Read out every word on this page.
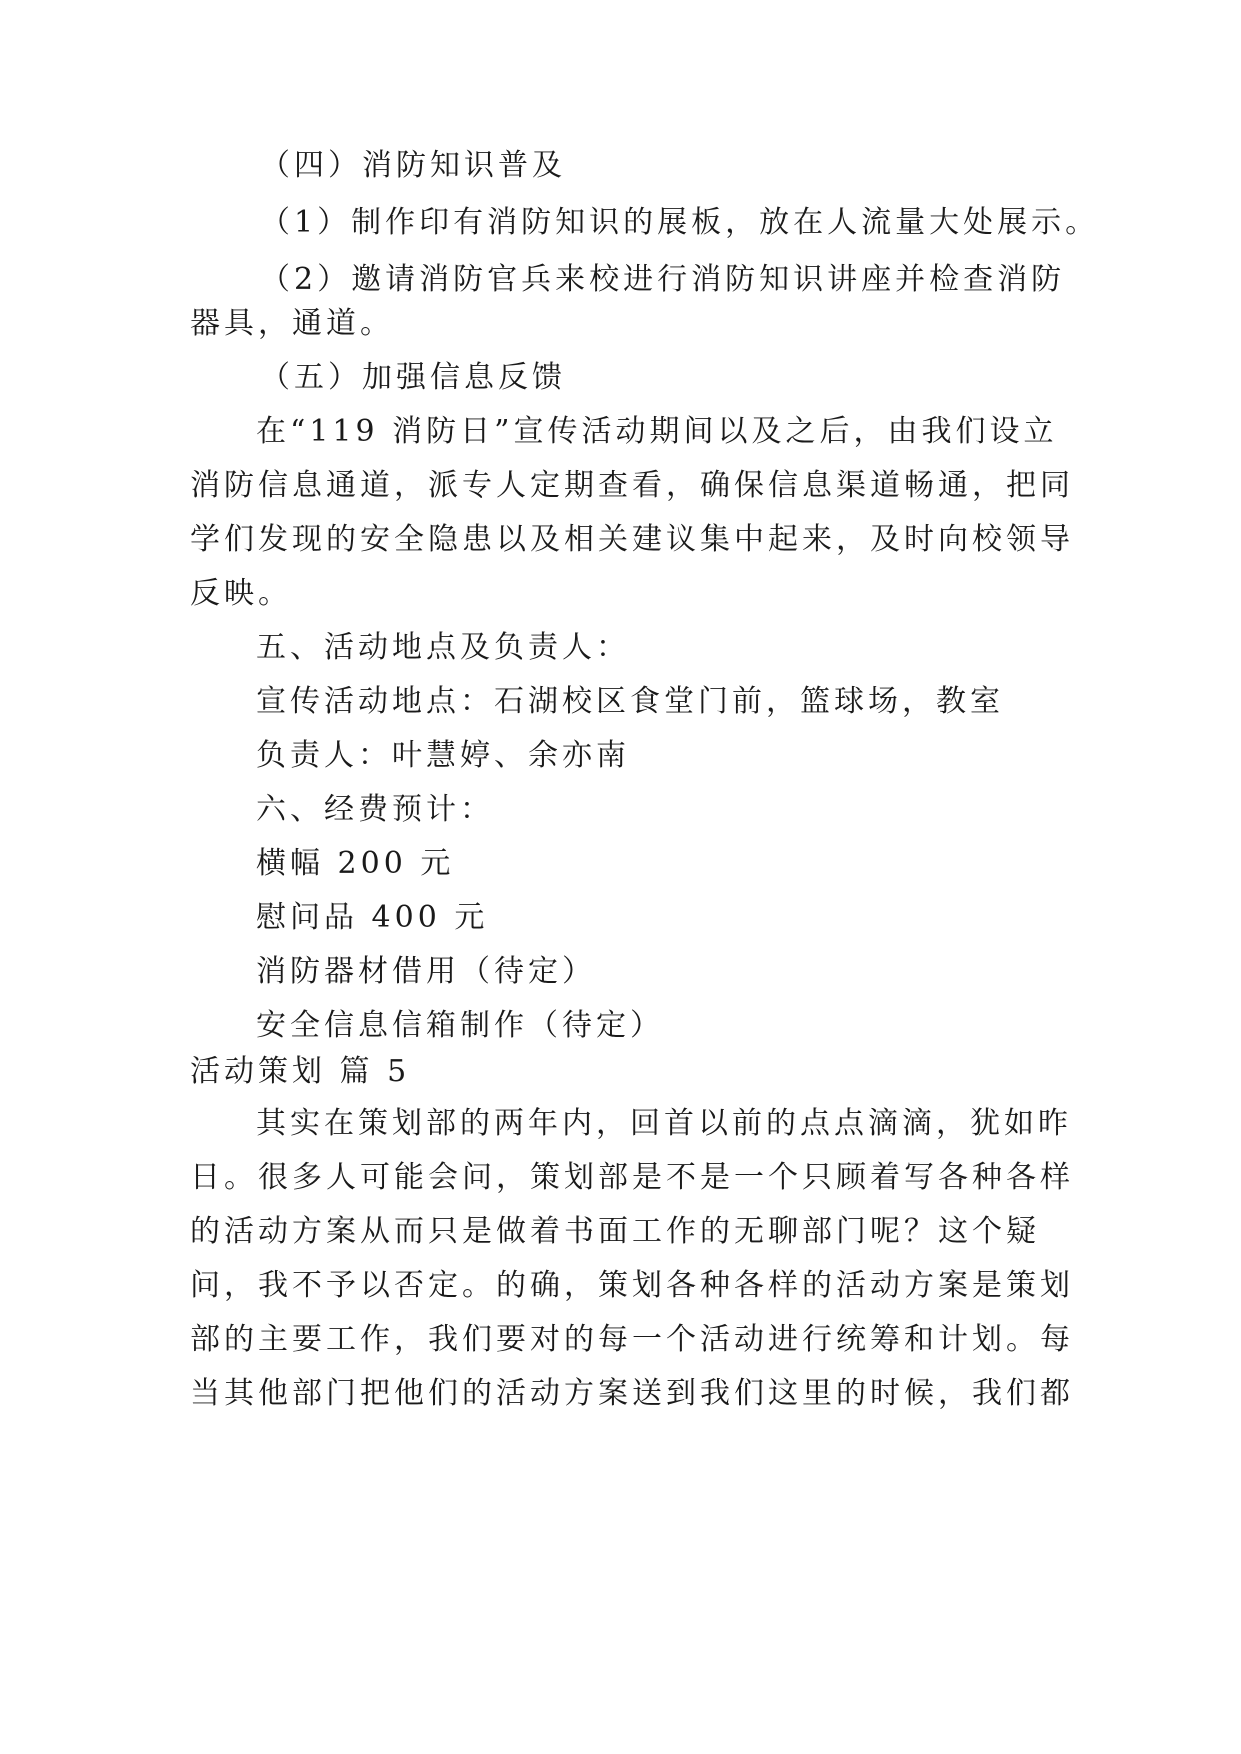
（四）消防知识普及
（1）制作印有消防知识的展板，放在人流量大处展示。
（2）邀请消防官兵来校进行消防知识讲座并检查消防
器具，通道。
（五）加强信息反馈
在“119 消防日”宣传活动期间以及之后，由我们设立
消防信息通道，派专人定期查看，确保信息渠道畅通，把同
学们发现的安全隐患以及相关建议集中起来，及时向校领导
反映。
五、活动地点及负责人：
宣传活动地点：石湖校区食堂门前，篮球场，教室
负责人：叶慧婷、余亦南
六、经费预计：
横幅 200 元
慰问品 400 元
消防器材借用（待定）
安全信息信箱制作（待定）
活动策划 篇 5
其实在策划部的两年内，回首以前的点点滴滴，犹如昨
日。很多人可能会问，策划部是不是一个只顾着写各种各样
的活动方案从而只是做着书面工作的无聊部门呢？这个疑
问，我不予以否定。的确，策划各种各样的活动方案是策划
部的主要工作，我们要对的每一个活动进行统筹和计划。每
当其他部门把他们的活动方案送到我们这里的时候，我们都
